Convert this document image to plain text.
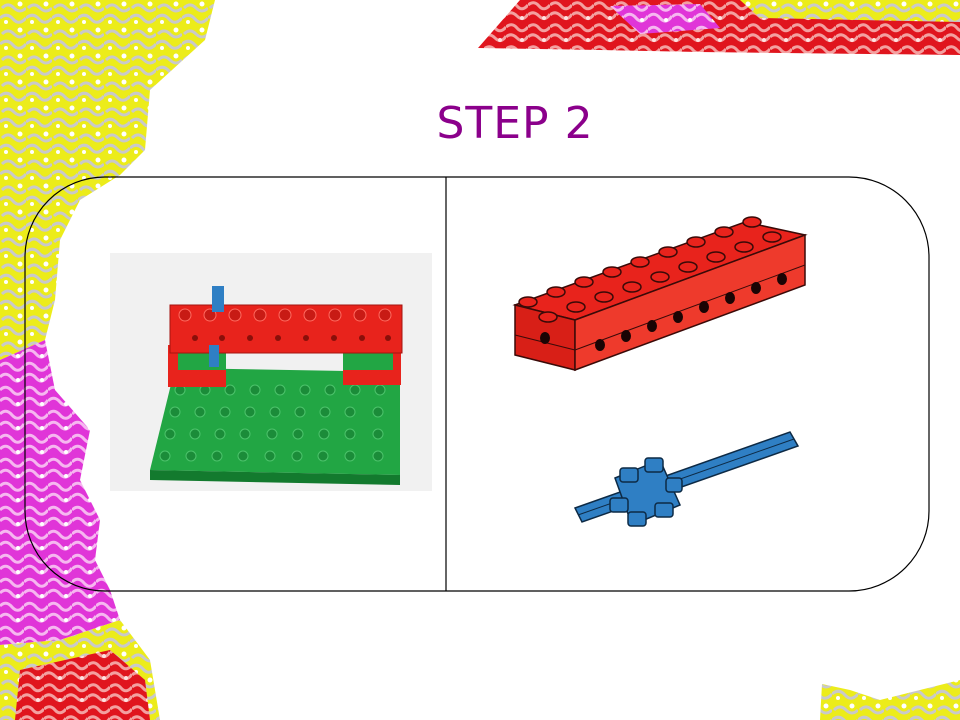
STEP 2
